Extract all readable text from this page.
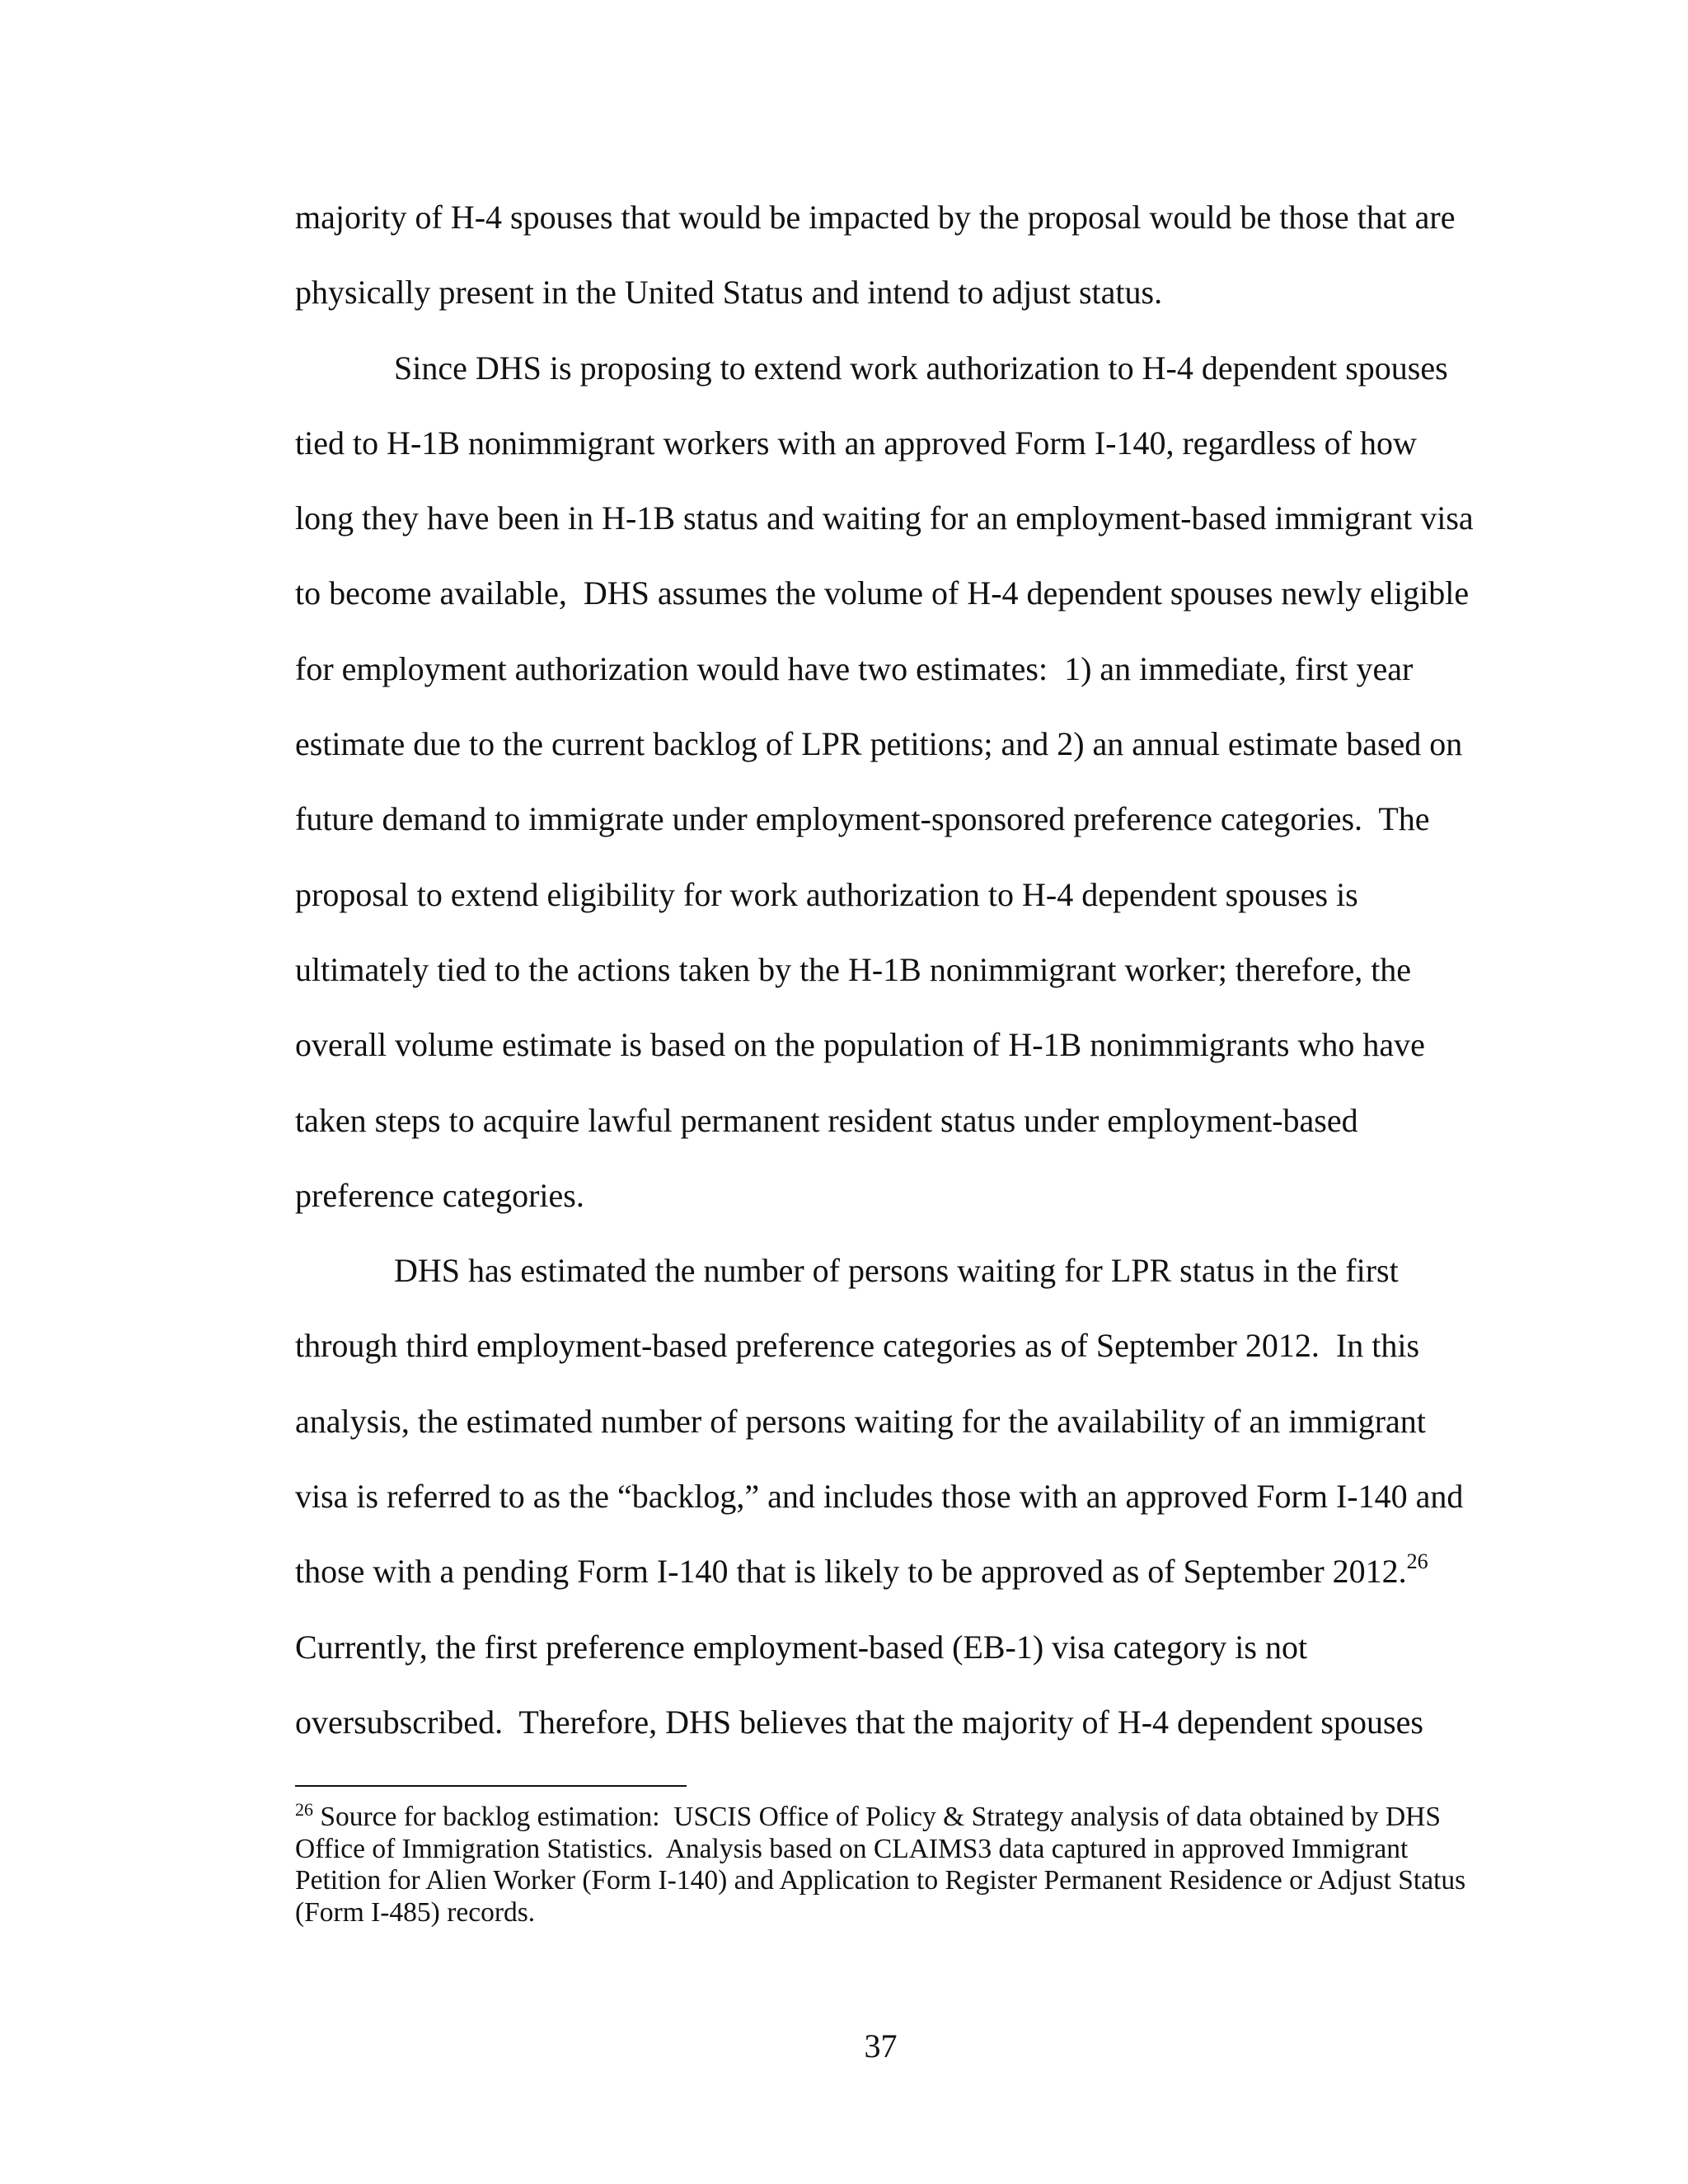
majority of H-4 spouses that would be impacted by the proposal would be those that are
physically present in the United Status and intend to adjust status.
Since DHS is proposing to extend work authorization to H-4 dependent spouses
tied to H-1B nonimmigrant workers with an approved Form I-140, regardless of how
long they have been in H-1B status and waiting for an employment-based immigrant visa
to become available,  DHS assumes the volume of H-4 dependent spouses newly eligible
for employment authorization would have two estimates:  1) an immediate, first year
estimate due to the current backlog of LPR petitions; and 2) an annual estimate based on
future demand to immigrate under employment-sponsored preference categories.  The
proposal to extend eligibility for work authorization to H-4 dependent spouses is
ultimately tied to the actions taken by the H-1B nonimmigrant worker; therefore, the
overall volume estimate is based on the population of H-1B nonimmigrants who have
taken steps to acquire lawful permanent resident status under employment-based
preference categories.
DHS has estimated the number of persons waiting for LPR status in the first
through third employment-based preference categories as of September 2012.  In this
analysis, the estimated number of persons waiting for the availability of an immigrant
visa is referred to as the “backlog,” and includes those with an approved Form I-140 and
those with a pending Form I-140 that is likely to be approved as of September 2012.26
Currently, the first preference employment-based (EB-1) visa category is not
oversubscribed.  Therefore, DHS believes that the majority of H-4 dependent spouses
$^{26}$ Source for backlog estimation:  USCIS Office of Policy & Strategy analysis of data obtained by DHS
Office of Immigration Statistics.  Analysis based on CLAIMS3 data captured in approved Immigrant
Petition for Alien Worker (Form I-140) and Application to Register Permanent Residence or Adjust Status
(Form I-485) records.
37
